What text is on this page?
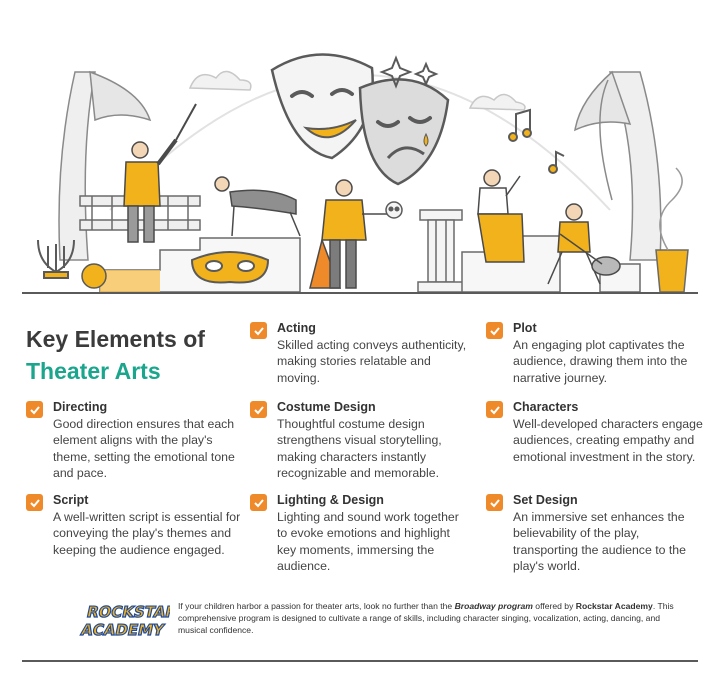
Key Elements of
Theater Arts
Directing
Good direction ensures that each element aligns with the play's theme, setting the emotional tone and pace.
Script
A well-written script is essential for conveying the play's themes and keeping the audience engaged.
Acting
Skilled acting conveys authenticity, making stories relatable and moving.
Costume Design
Thoughtful costume design strengthens visual storytelling, making characters instantly recognizable and memorable.
Lighting & Design
Lighting and sound work together to evoke emotions and highlight key moments, immersing the audience.
Plot
An engaging plot captivates the audience, drawing them into the narrative journey.
Characters
Well-developed characters engage audiences, creating empathy and emotional investment in the story.
Set Design
An immersive set enhances the believability of the play, transporting the audience to the play's world.
ROCKSTAR
ACADEMY
If your children harbor a passion for theater arts, look no further than the Broadway program offered by Rockstar Academy. This comprehensive program is designed to cultivate a range of skills, including character singing, vocalization, acting, dancing, and musical confidence.
